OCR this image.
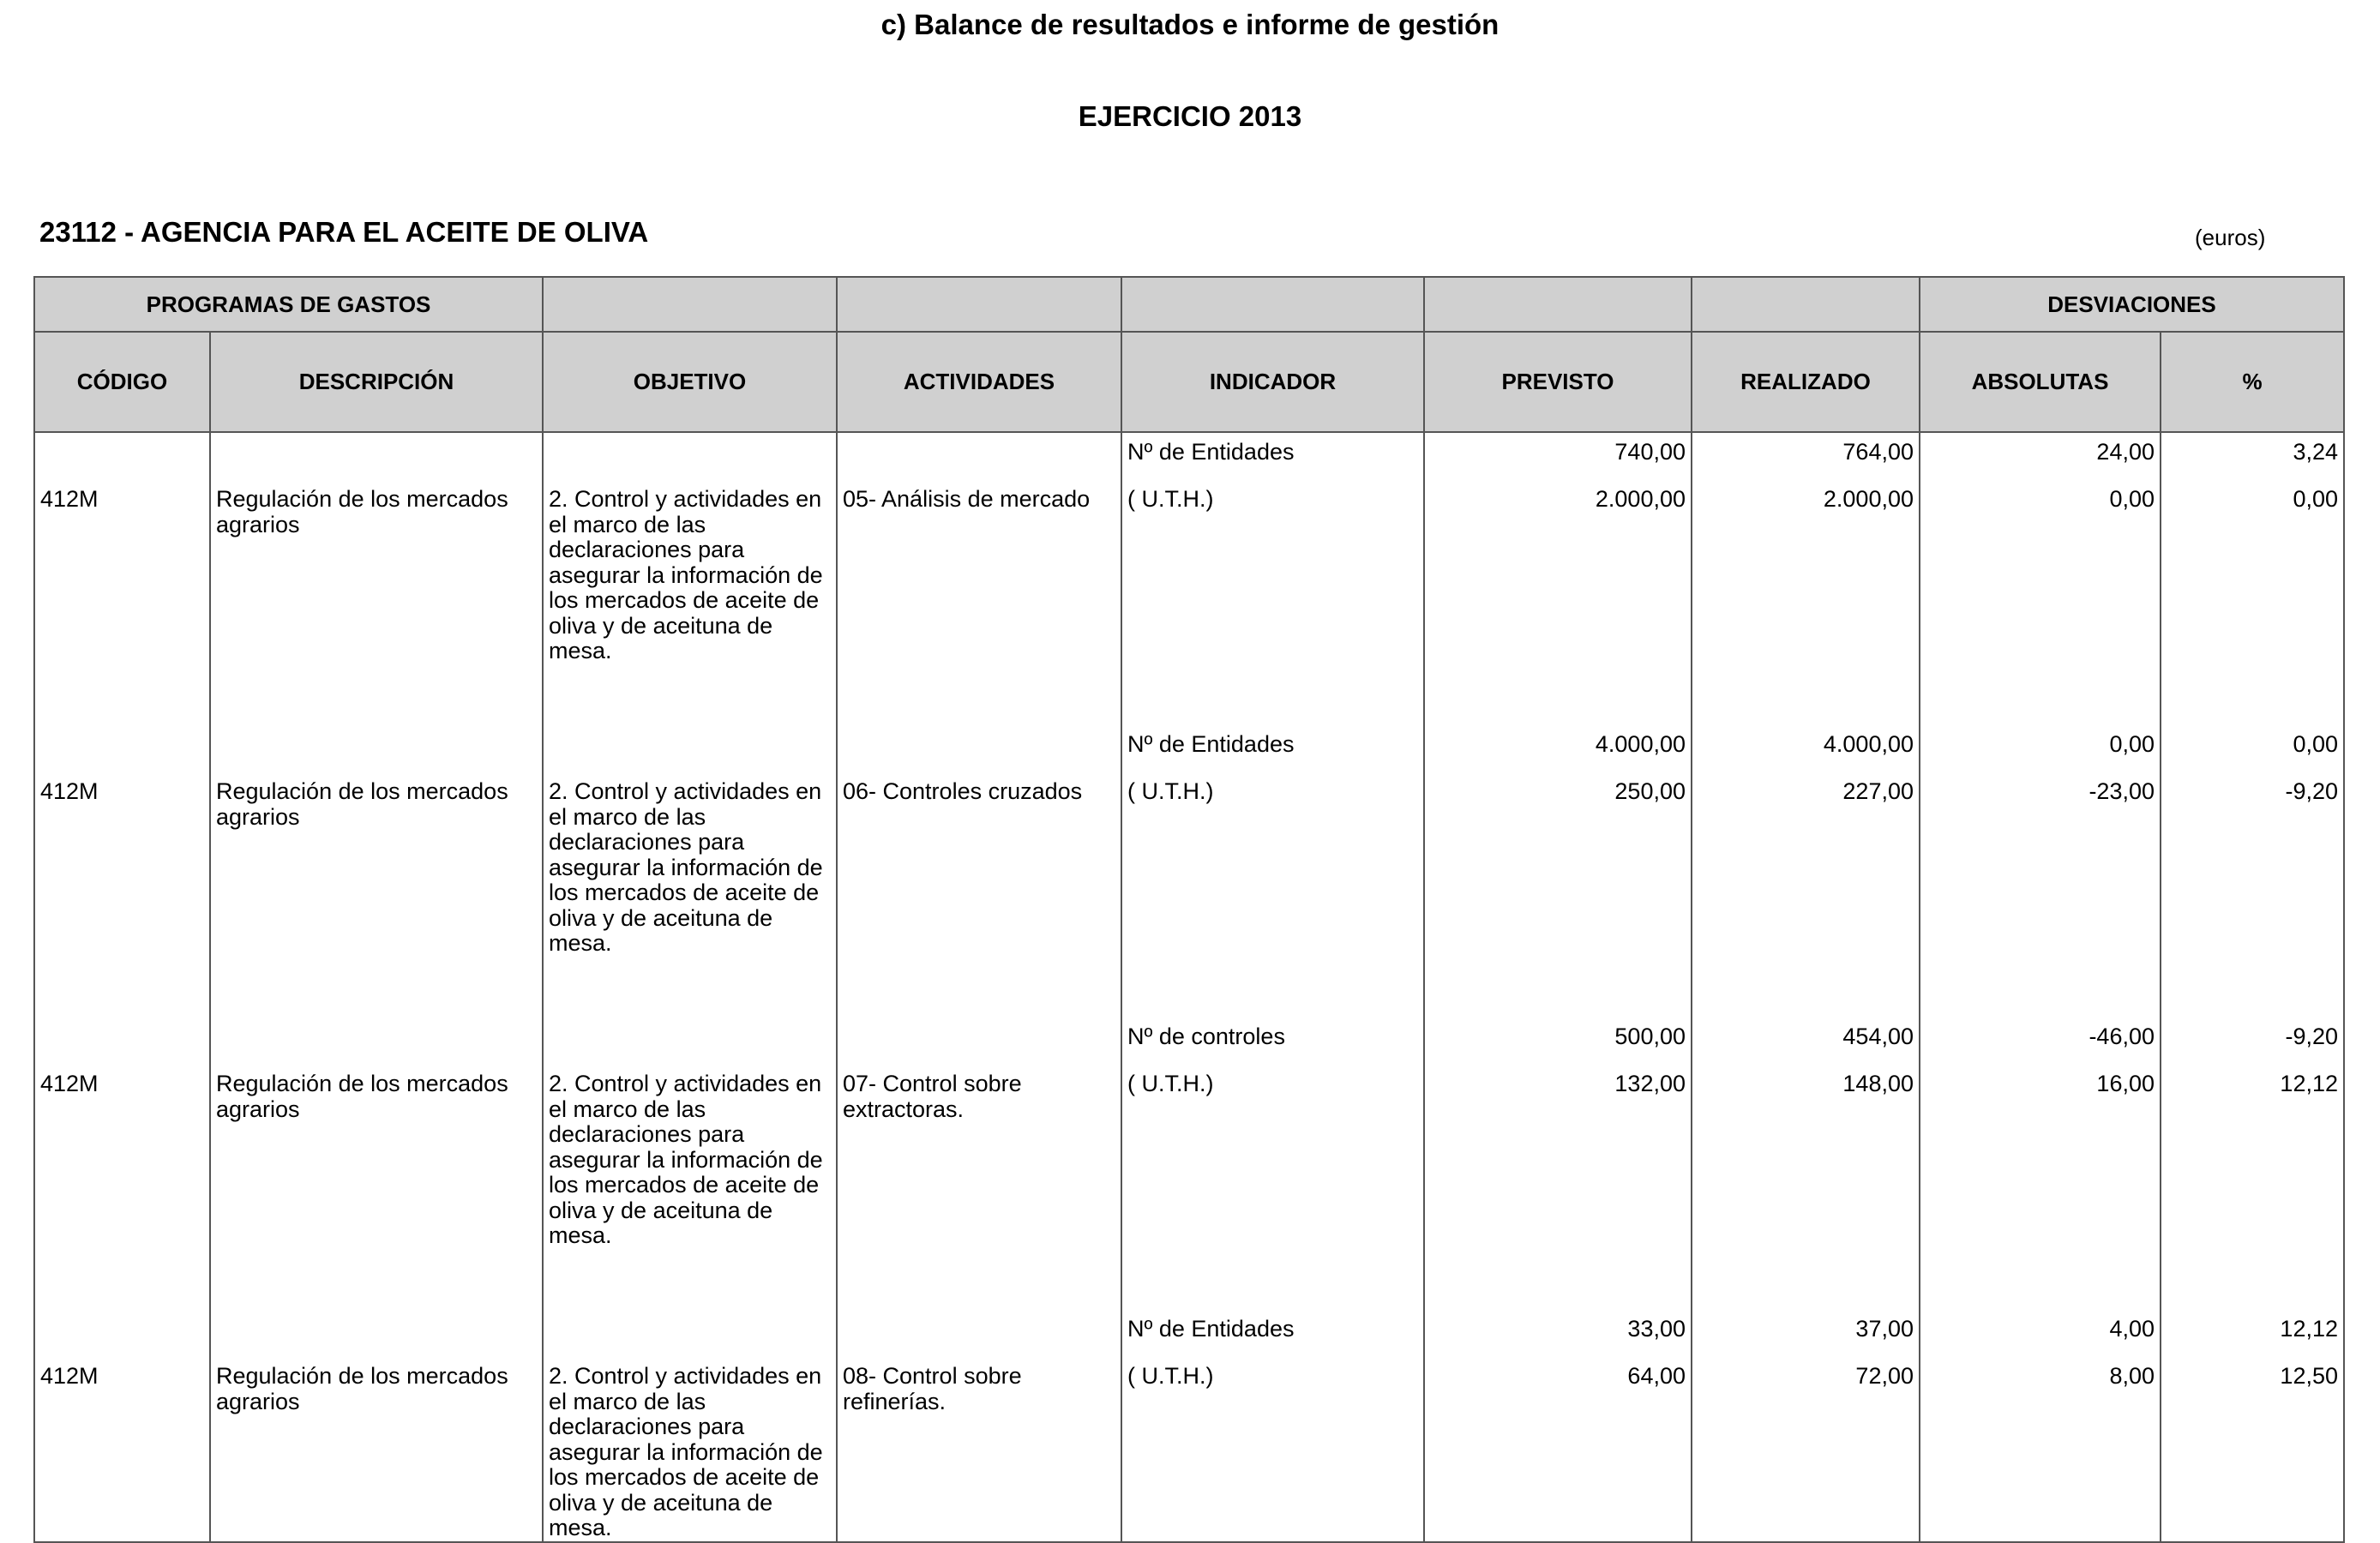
c) Balance de resultados e informe de gestión
EJERCICIO 2013
23112 - AGENCIA PARA EL ACEITE DE OLIVA	(euros)
PROGRAMAS DE GASTOS							DESVIACIONES	
CÓDIGO	DESCRIPCIÓN	OBJETIVO	ACTIVIDADES	INDICADOR	PREVISTO	REALIZADO	ABSOLUTAS	%
				Nº de Entidades	740,00	764,00	24,00	3,24
412M	Regulación de los mercados agrarios	2. Control y actividades en el marco de las declaraciones para asegurar la información de los mercados de aceite de oliva y de aceituna de mesa.	05- Análisis de mercado	( U.T.H.)	2.000,00	2.000,00	0,00	0,00
				Nº de Entidades	4.000,00	4.000,00	0,00	0,00
412M	Regulación de los mercados agrarios	2. Control y actividades en el marco de las declaraciones para asegurar la información de los mercados de aceite de oliva y de aceituna de mesa.	06- Controles cruzados	( U.T.H.)	250,00	227,00	-23,00	-9,20
				Nº de controles	500,00	454,00	-46,00	-9,20
412M	Regulación de los mercados agrarios	2. Control y actividades en el marco de las declaraciones para asegurar la información de los mercados de aceite de oliva y de aceituna de mesa.	07- Control sobre extractoras.	( U.T.H.)	132,00	148,00	16,00	12,12
				Nº de Entidades	33,00	37,00	4,00	12,12
412M	Regulación de los mercados agrarios	2. Control y actividades en el marco de las declaraciones para asegurar la información de los mercados de aceite de oliva y de aceituna de mesa.	08- Control sobre refinerías.	( U.T.H.)	64,00	72,00	8,00	12,50
